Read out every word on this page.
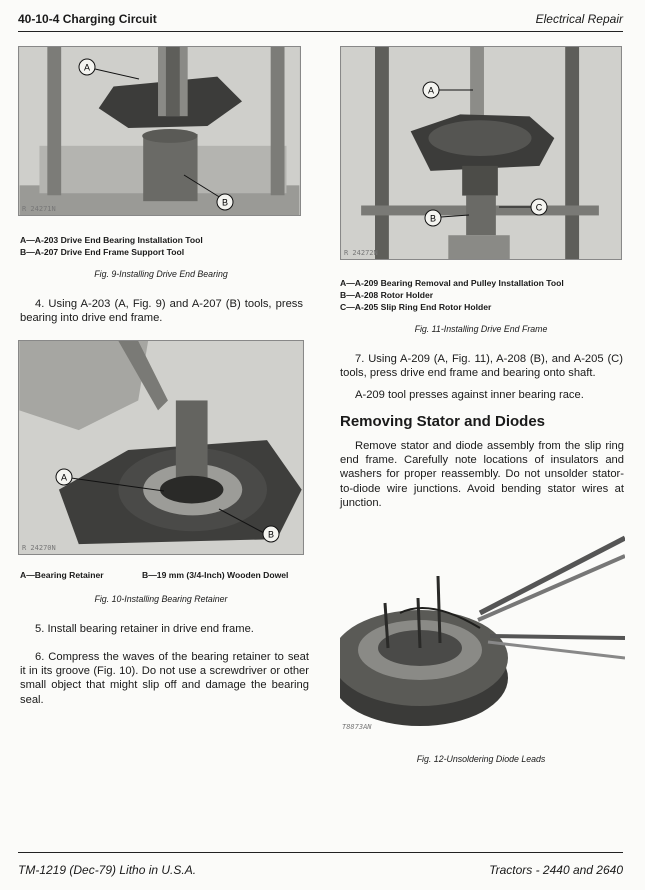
40-10-4 Charging Circuit	Electrical Repair
A
B
R 24271N
A—A-203 Drive End Bearing Installation Tool
B—A-207 Drive End Frame Support Tool
Fig. 9-Installing Drive End Bearing
4. Using A-203 (A, Fig. 9) and A-207 (B) tools, press bearing into drive end frame.
A
B
R 24270N
A—Bearing Retainer	B—19 mm (3/4-Inch) Wooden Dowel
Fig. 10-Installing Bearing Retainer
5. Install bearing retainer in drive end frame.
6. Compress the waves of the bearing retainer to seat it in its groove (Fig. 10). Do not use a screwdriver or other small object that might slip off and damage the bearing seal.
A
B
C
R 24272N
A—A-209 Bearing Removal and Pulley Installation Tool
B—A-208 Rotor Holder
C—A-205 Slip Ring End Rotor Holder
Fig. 11-Installing Drive End Frame
7. Using A-209 (A, Fig. 11), A-208 (B), and A-205 (C) tools, press drive end frame and bearing onto shaft.
A-209 tool presses against inner bearing race.
Removing Stator and Diodes
Remove stator and diode assembly from the slip ring end frame. Carefully note locations of insulators and washers for proper reassembly. Do not unsolder stator-to-diode wire junctions. Avoid bending stator wires at junction.
T8873AN
Fig. 12-Unsoldering Diode Leads
TM-1219 (Dec-79) Litho in U.S.A.	Tractors - 2440 and 2640
